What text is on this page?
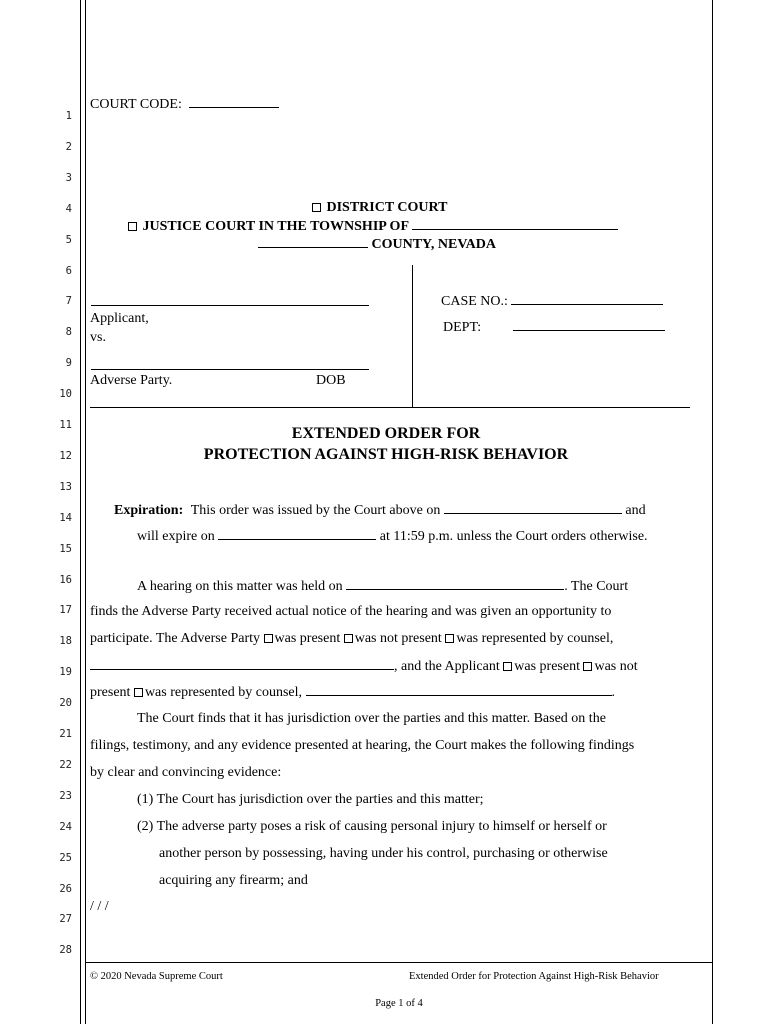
1
2
3
4
5
6
7
8
9
10
11
12
13
14
15
16
17
18
19
20
21
22
23
24
25
26
27
28
COURT CODE:
DISTRICT COURT
JUSTICE COURT IN THE TOWNSHIP OF
COUNTY, NEVADA
Applicant,
vs.
Adverse Party.	DOB
CASE NO.:
DEPT:
EXTENDED ORDER FOR
PROTECTION AGAINST HIGH-RISK BEHAVIOR
Expiration: This order was issued by the Court above on	and
will expire on	at 11:59 p.m. unless the Court orders otherwise.
A hearing on this matter was held on	. The Court
finds the Adverse Party received actual notice of the hearing and was given an opportunity to
participate. The Adverse Party was present was not present was represented by counsel,
, and the Applicant was present was not
present was represented by counsel,	.
The Court finds that it has jurisdiction over the parties and this matter. Based on the
filings, testimony, and any evidence presented at hearing, the Court makes the following findings
by clear and convincing evidence:
(1) The Court has jurisdiction over the parties and this matter;
(2) The adverse party poses a risk of causing personal injury to himself or herself or
another person by possessing, having under his control, purchasing or otherwise
acquiring any firearm; and
/ / /
© 2020 Nevada Supreme Court	Extended Order for Protection Against High-Risk Behavior
Page 1 of 4
